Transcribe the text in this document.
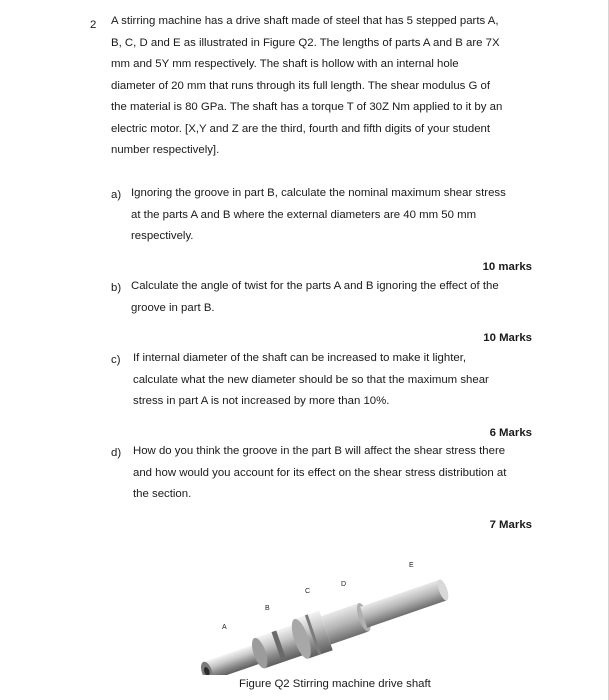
2 A stirring machine has a drive shaft made of steel that has 5 stepped parts A,
B, C, D and E as illustrated in Figure Q2. The lengths of parts A and B are 7X
mm and 5Y mm respectively. The shaft is hollow with an internal hole
diameter of 20 mm that runs through its full length. The shear modulus G of
the material is 80 GPa. The shaft has a torque T of 30Z Nm applied to it by an
electric motor. [X,Y and Z are the third, fourth and fifth digits of your student
number respectively].
a) Ignoring the groove in part B, calculate the nominal maximum shear stress
at the parts A and B where the external diameters are 40 mm 50 mm
respectively.
10 marks
b) Calculate the angle of twist for the parts A and B ignoring the effect of the
groove in part B.
10 Marks
c) If internal diameter of the shaft can be increased to make it lighter,
calculate what the new diameter should be so that the maximum shear
stress in part A is not increased by more than 10%.
6 Marks
d) How do you think the groove in the part B will affect the shear stress there
and how would you account for its effect on the shear stress distribution at
the section.
7 Marks
A
B
C
D
E
Figure Q2 Stirring machine drive shaft
